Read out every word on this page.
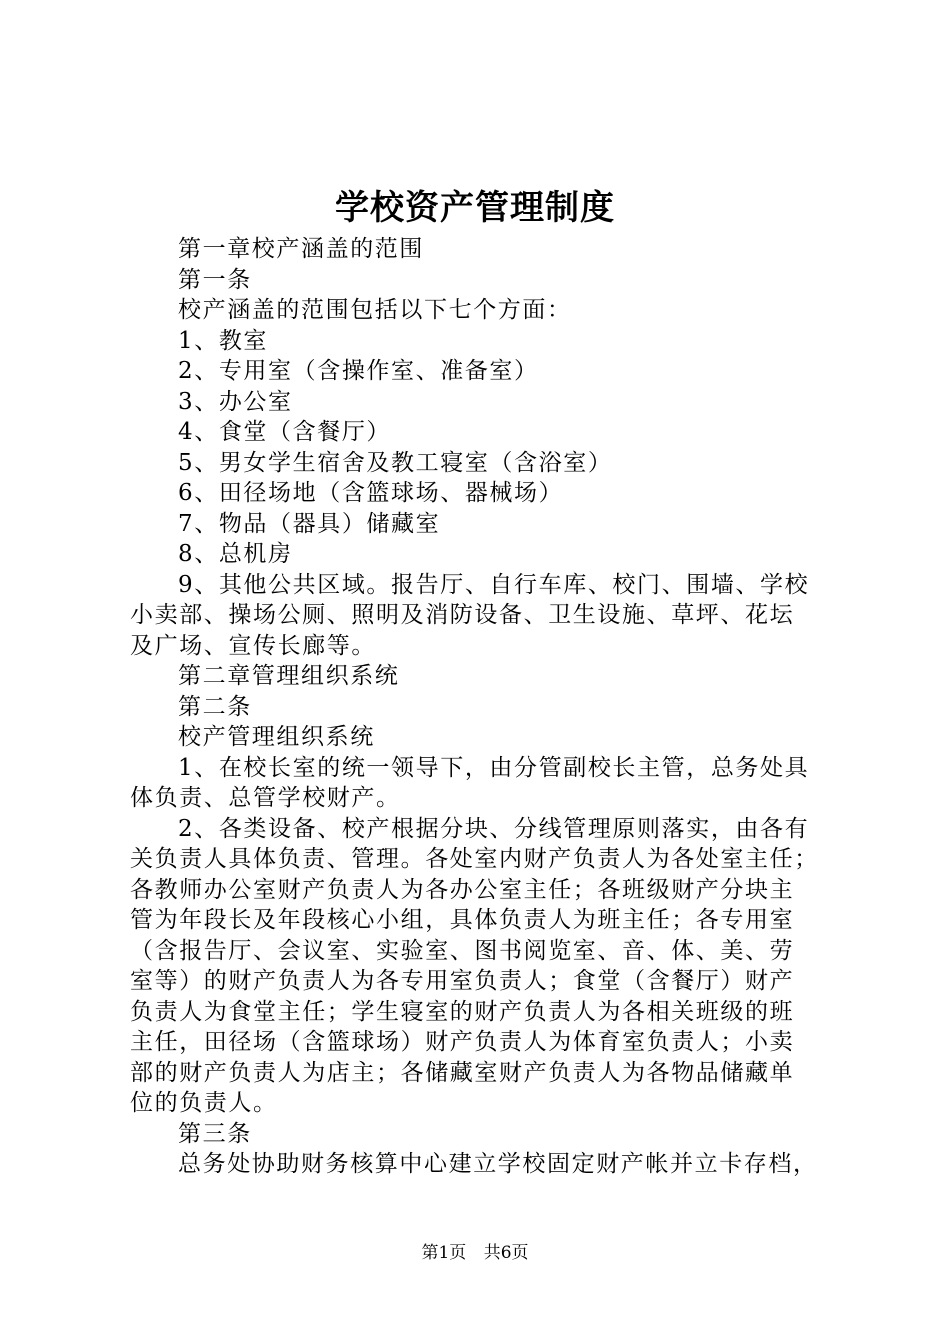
学校资产管理制度
第一章校产涵盖的范围
第一条
校产涵盖的范围包括以下七个方面：
1、教室
2、专用室（含操作室、准备室）
3、办公室
4、食堂（含餐厅）
5、男女学生宿舍及教工寝室（含浴室）
6、田径场地（含篮球场、器械场）
7、物品（器具）储藏室
8、总机房
9、其他公共区域。报告厅、自行车库、校门、围墙、学校
小卖部、操场公厕、照明及消防设备、卫生设施、草坪、花坛
及广场、宣传长廊等。
第二章管理组织系统
第二条
校产管理组织系统
1、在校长室的统一领导下，由分管副校长主管，总务处具
体负责、总管学校财产。
2、各类设备、校产根据分块、分线管理原则落实，由各有
关负责人具体负责、管理。各处室内财产负责人为各处室主任；
各教师办公室财产负责人为各办公室主任；各班级财产分块主
管为年段长及年段核心小组，具体负责人为班主任；各专用室
（含报告厅、会议室、实验室、图书阅览室、音、体、美、劳
室等）的财产负责人为各专用室负责人；食堂（含餐厅）财产
负责人为食堂主任；学生寝室的财产负责人为各相关班级的班
主任，田径场（含篮球场）财产负责人为体育室负责人；小卖
部的财产负责人为店主；各储藏室财产负责人为各物品储藏单
位的负责人。
第三条
总务处协助财务核算中心建立学校固定财产帐并立卡存档，
第1页 共6页
